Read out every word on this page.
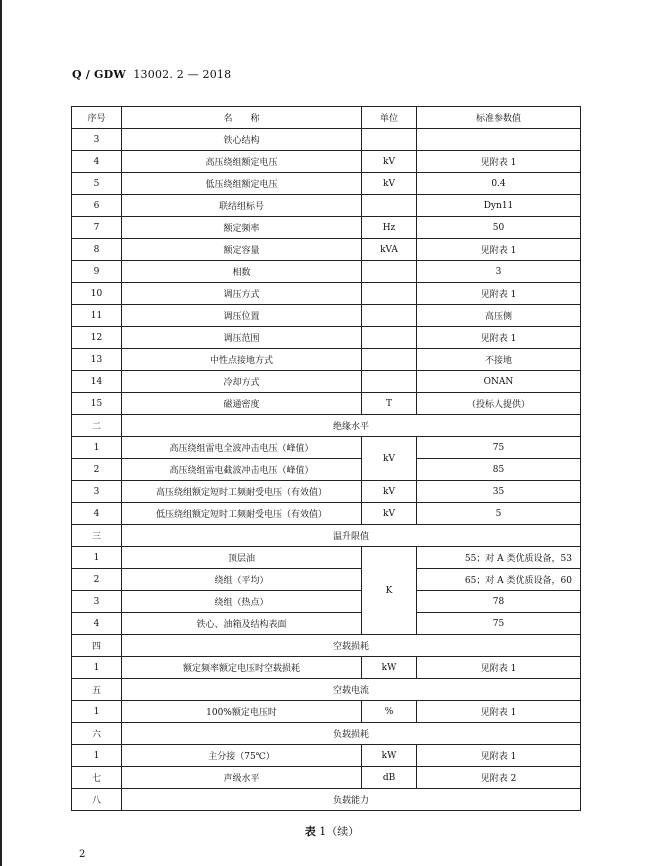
Q / GDW 13002. 2 — 2018
序号	名　　称	单位	标准参数值
3	铁心结构		
4	高压绕组额定电压	kV	见附表 1
5	低压绕组额定电压	kV	0.4
6	联结组标号		Dyn11
7	额定频率	Hz	50
8	额定容量	kVA	见附表 1
9	相数		3
10	调压方式		见附表 1
11	调压位置		高压侧
12	调压范围		见附表 1
13	中性点接地方式		不接地
14	冷却方式		ONAN
15	磁通密度	T	（投标人提供）
二	绝缘水平		
1	高压绕组雷电全波冲击电压（峰值）	kV	75
2	高压绕组雷电截波冲击电压（峰值）		85
3	高压绕组额定短时工频耐受电压（有效值）	kV	35
4	低压绕组额定短时工频耐受电压（有效值）	kV	5
三	温升限值		
1	顶层油	K	55；对 A 类优质设备，53
2	绕组（平均）		65；对 A 类优质设备，60
3	绕组（热点）		78
4	铁心、油箱及结构表面		75
四	空载损耗		
1	额定频率额定电压时空载损耗	kW	见附表 1
五	空载电流		
1	100%额定电压时	%	见附表 1
六	负载损耗		
1	主分接（75℃）	kW	见附表 1
七	声级水平	dB	见附表 2
八	负载能力		
表 1（续）
2
